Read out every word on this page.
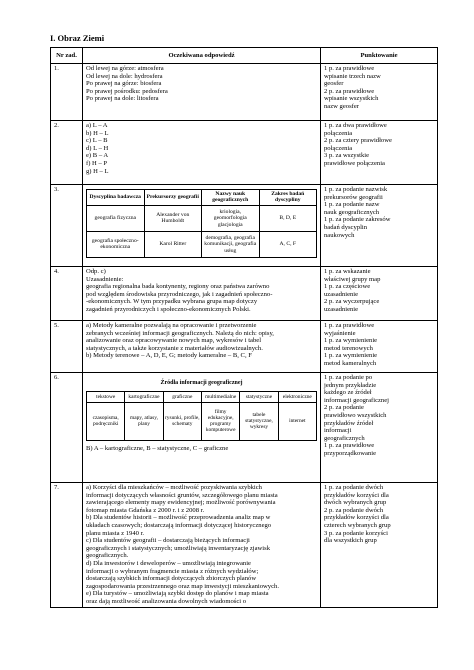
I. Obraz Ziemi
Nr zad.	Oczekiwana odpowiedź	Punktowanie
1.	Od lewej na górze: atmosfera
Od lewej na dole: hydrosfera
Po prawej na górze: biosfera
Po prawej pośrodku: pedosfera
Po prawej na dole: litosfera

1 p. za prawidłowe
wpisanie trzech nazw
geosfer
2 p. za prawidłowe
wpisanie wszystkich
nazw geosfer

2.	a) L – A
b) H – L
c) L – B
d) L – H
e) B – A
f) H – P
g) H – L

1 p. za dwa prawidłowe
połączenia
2 p. za cztery prawidłowe
połączenia
3 p. za wszystkie
prawidłowe połączenia

3.	
Dyscyplina badawcza	Prekursorzy geografii	Nazwy nauk geograficznych	Zakres badań dyscypliny
geografia fizyczna	Alexander von Humboldt	kriologia, geomorfologia glacjologia	B, D, E
geografia społeczno-ekonomiczna	Karol Ritter	demografia, geografia komunikacji, geografia usług	A, C, F

1 p. za podanie nazwisk
prekursorów geografii
1 p. za podanie nazw
nauk geograficznych
1 p. za podanie zakresów
badań dyscyplin
naukowych

4.	Odp. c)
Uzasadnienie:
geografia regionalna bada kontynenty, regiony oraz państwa zarówno
pod względem środowiska przyrodniczego, jak i zagadnień społeczno-
-ekonomicznych. W tym przypadku wybrana grupa map dotyczy
zagadnień przyrodniczych i społeczno-ekonomicznych Polski.

1 p. za wskazanie
właściwej grupy map
1 p. za częściowe
uzasadnienie
2 p. za wyczerpujące
uzasadnienie

5.	a) Metody kameralne pozwalają na opracowanie i przetworzenie
zebranych wcześniej informacji geograficznych. Należą do nich: opisy,
analizowanie oraz opracowywanie nowych map, wykresów i tabel
statystycznych, a także korzystanie z materiałów audiowizualnych.
b) Metody terenowe – A, D, E, G; metody kameralne – B, C, F

1 p. za prawidłowe
wyjaśnienie
1 p. za wymienienie
metod terenowych
1 p. za wymienienie
metod kameralnych

6.	
Źródła informacji geograficznej
tekstowe	kartograficzne	graficzne	multimedialne	statystyczne	elektroniczne
czasopisma, podręczniki	mapy, atlasy, plany	rysunki, profile, schematy	filmy edukacyjne, programy komputerowe	tabele statystyczne, wykresy	internet
B) A – kartograficzne, B – statystyczne, C – graficzne

1 p. za podanie po
jednym przykładzie
każdego ze źródeł
informacji geograficznej
2 p. za podanie
prawidłowo wszystkich
przykładów źródeł
informacji
geograficznych
1 p. za prawidłowe
przyporządkowanie

7.	a) Korzyści dla mieszkańców – możliwość pozyskiwania szybkich
informacji dotyczących własności gruntów, szczegółowego planu miasta
zawierającego elementy mapy ewidencyjnej; możliwość porównywania
fotomap miasta Gdańska z 2000 r. i z 2008 r.
b) Dla studentów historii – możliwość przeprowadzenia analiz map w
układach czasowych; dostarczają informacji dotyczącej historycznego
planu miasta z 1940 r.
c) Dla studentów geografii – dostarczają bieżących informacji
geograficznych i statystycznych; umożliwiają inwentaryzację zjawisk
geograficznych.
d) Dla inwestorów i deweloperów – umożliwiają integrowanie
informacji o wybranym fragmencie miasta z różnych wydziałów;
dostarczają szybkich informacji dotyczących zbiorczych planów
zagospodarowania przestrzennego oraz map inwestycji mieszkaniowych.
e) Dla turystów – umożliwiają szybki dostęp do planów i map miasta
oraz dają możliwość analizowania dowolnych wiadomości o

1 p. za podanie dwóch
przykładów korzyści dla
dwóch wybranych grup
2 p. za podanie dwóch
przykładów korzyści dla
czterech wybranych grup
3 p. za podanie korzyści
dla wszystkich grup
